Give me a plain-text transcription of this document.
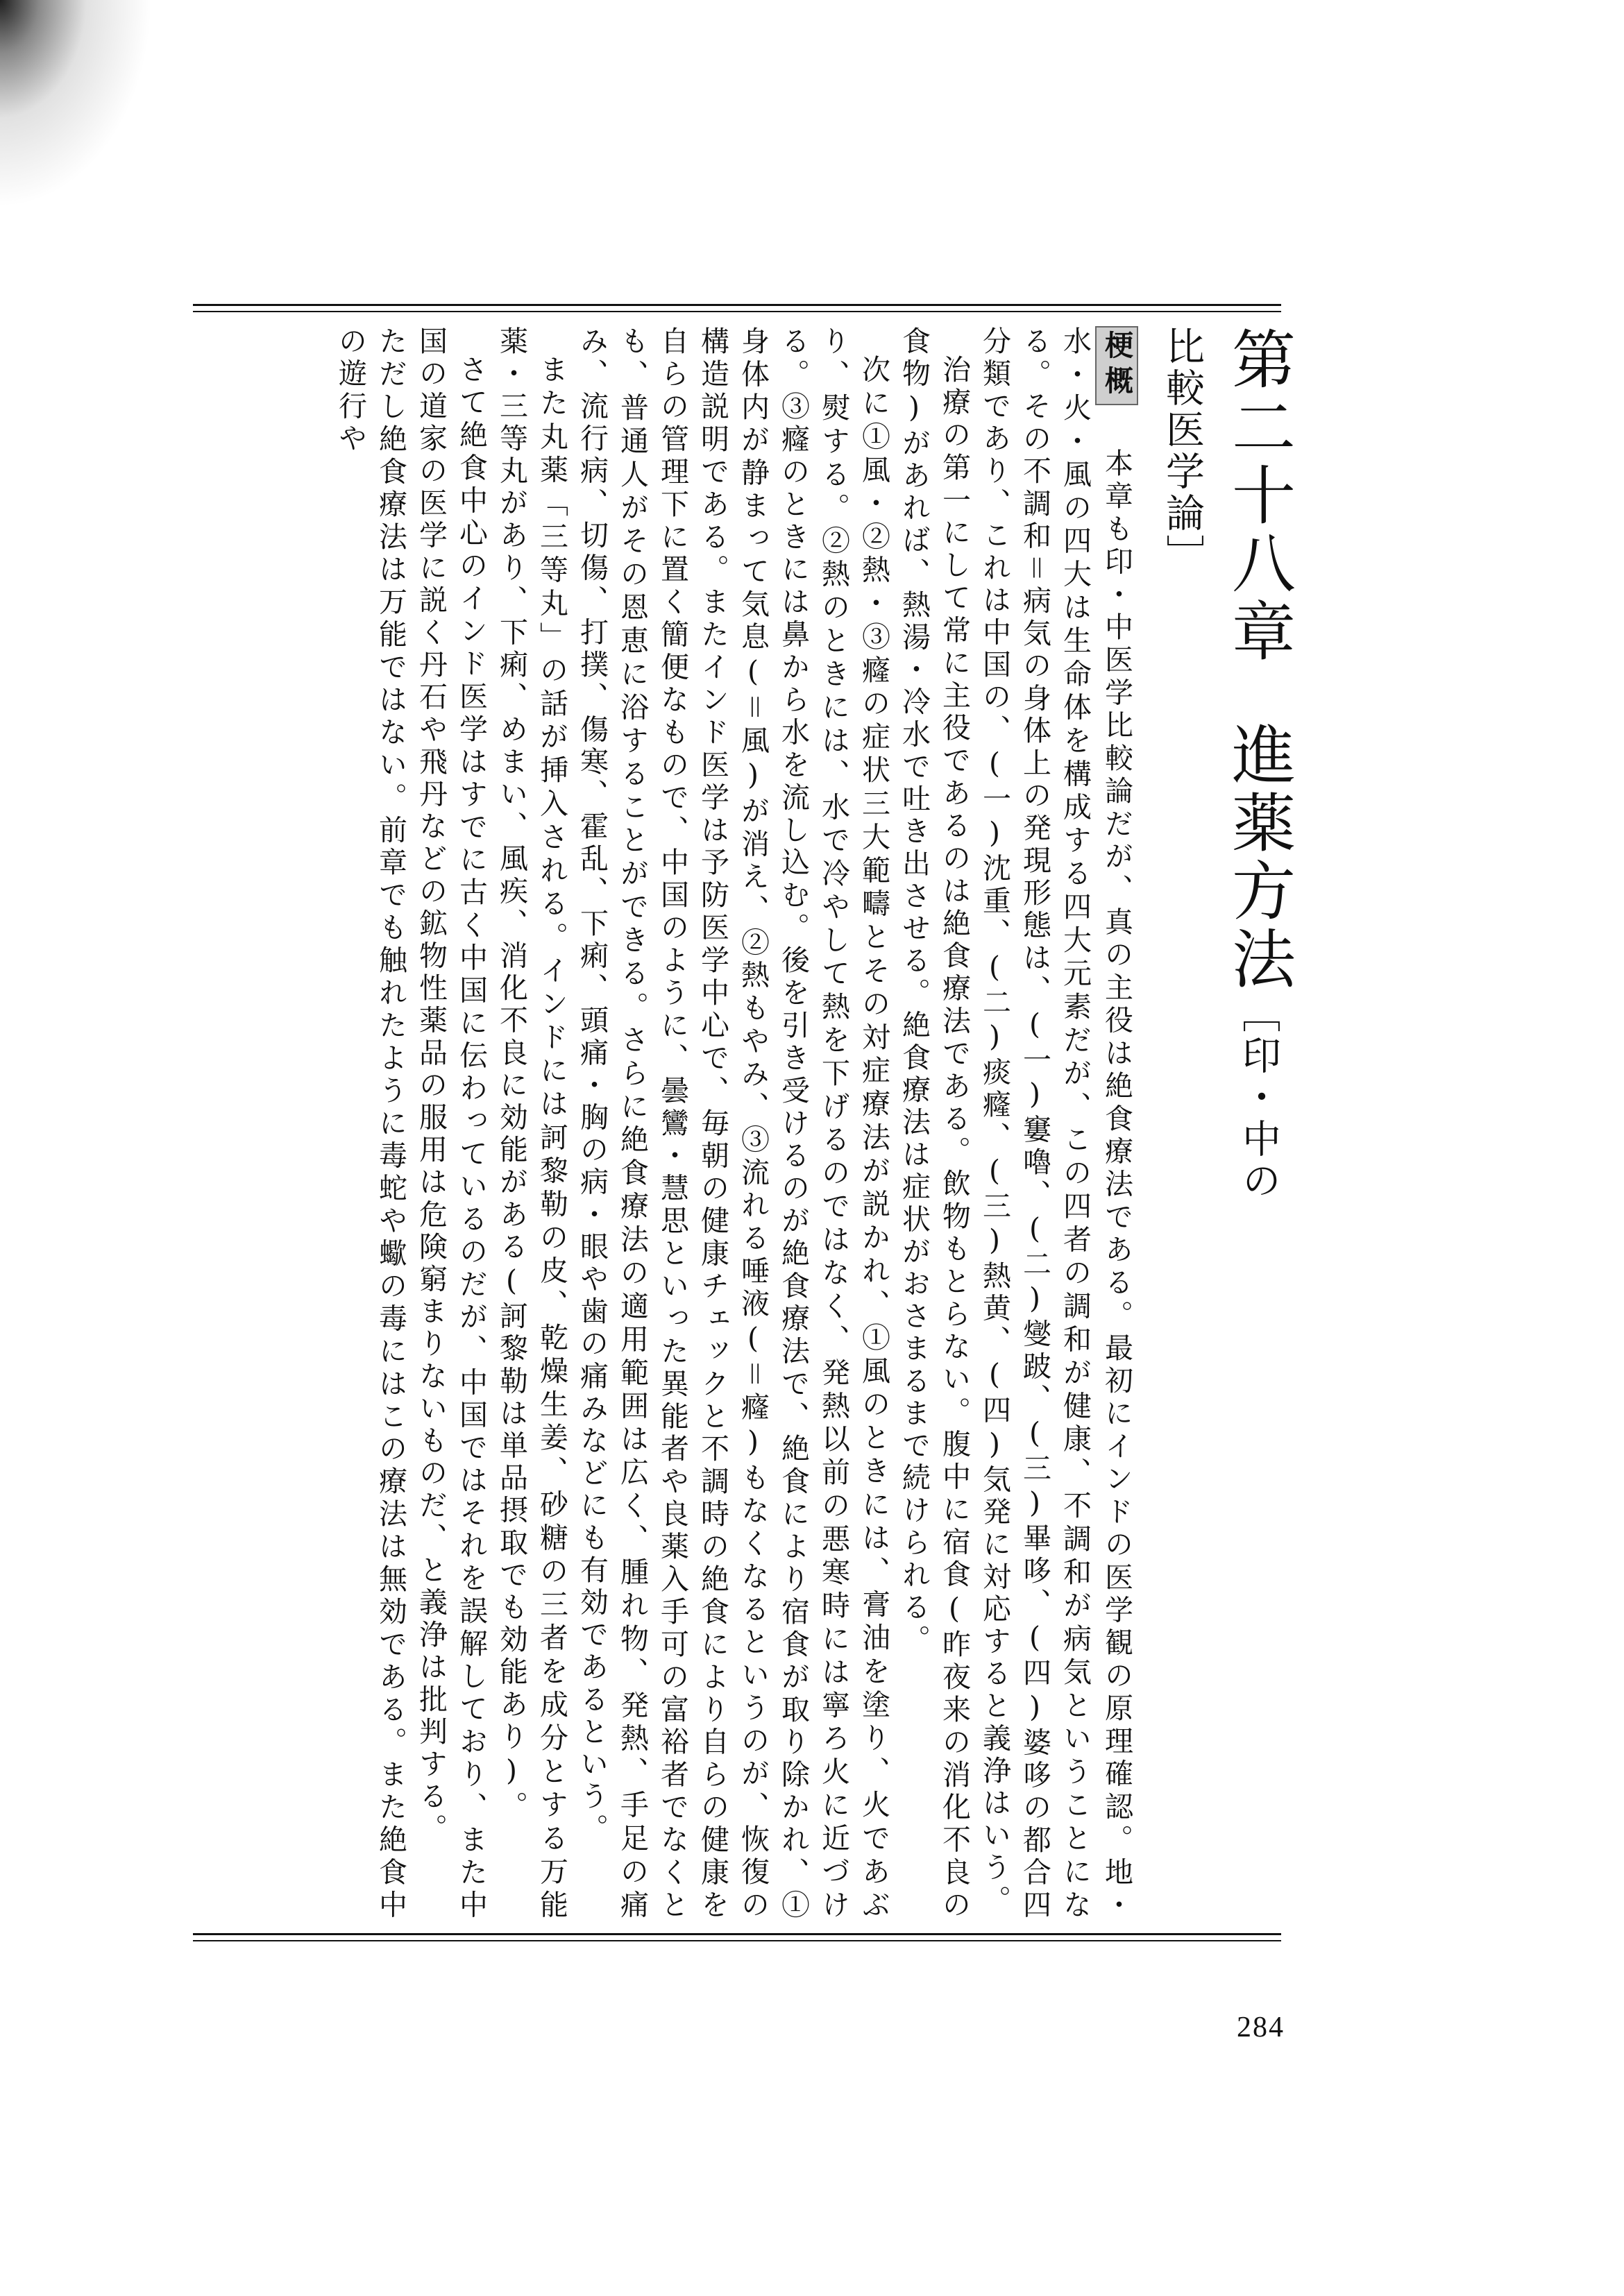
第二十八章進薬方法［印・中の比較医学論］

梗概　本章も印・中医学比較論だが、真の主役は絶食療法である。最初にインドの医学観の原理確認。地・水・火・風の四大は生命体を構成する四大元素だが、この四者の調和が健康、不調和が病気ということになる。その不調和＝病気の身体上の発現形態は、(一)窶嚕、(二)燮跛、(三)畢哆、(四)婆哆の都合四分類であり、これは中国の、(一)沈重、(二)痰癃、(三)熱黄、(四)気発に対応すると義浄はいう。

治療の第一にして常に主役であるのは絶食療法である。飲物もとらない。腹中に宿食(昨夜来の消化不良の食物)があれば、熱湯・冷水で吐き出させる。絶食療法は症状がおさまるまで続けられる。

次に①風・②熱・③癃の症状三大範疇とその対症療法が説かれ、①風のときには、膏油を塗り、火であぶり、熨する。②熱のときには、水で冷やして熱を下げるのではなく、発熱以前の悪寒時には寧ろ火に近づける。③癃のときには鼻から水を流し込む。後を引き受けるのが絶食療法で、絶食により宿食が取り除かれ、①身体内が静まって気息(＝風)が消え、②熱もやみ、③流れる唾液(＝癃)もなくなるというのが、恢復の構造説明である。またインド医学は予防医学中心で、毎朝の健康チェックと不調時の絶食により自らの健康を自らの管理下に置く簡便なもので、中国のように、曇鸞・慧思といった異能者や良薬入手可の富裕者でなくとも、普通人がその恩恵に浴することができる。さらに絶食療法の適用範囲は広く、腫れ物、発熱、手足の痛み、流行病、切傷、打撲、傷寒、霍乱、下痢、頭痛・胸の病・眼や歯の痛みなどにも有効であるという。

また丸薬「三等丸」の話が挿入される。インドには訶黎勒の皮、乾燥生姜、砂糖の三者を成分とする万能薬・三等丸があり、下痢、めまい、風疾、消化不良に効能がある(訶黎勒は単品摂取でも効能あり)。

さて絶食中心のインド医学はすでに古く中国に伝わっているのだが、中国ではそれを誤解しており、また中国の道家の医学に説く丹石や飛丹などの鉱物性薬品の服用は危険窮まりないものだ、と義浄は批判する。

ただし絶食療法は万能ではない。前章でも触れたように毒蛇や蠍の毒にはこの療法は無効である。また絶食中の遊行や

284
